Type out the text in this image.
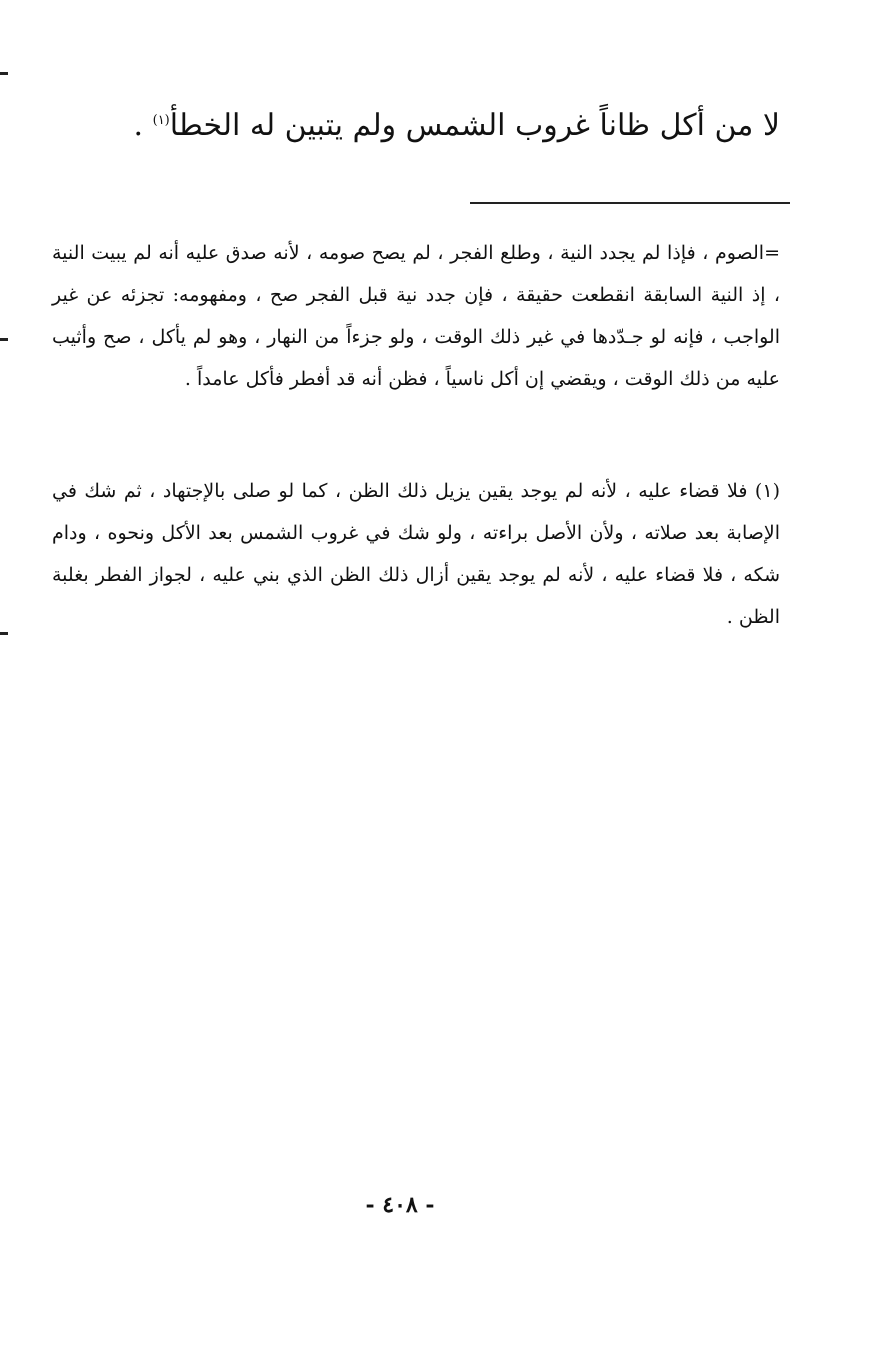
لا من أكل ظاناً غروب الشمس ولم يتبين له الخطأ$^{(١)}$ .
=الصوم ، فإذا لم يجدد النية ، وطلع الفجر ، لم يصح صومه ، لأنه صدق عليه أنه لم يبيت النية ، إذ النية السابقة انقطعت حقيقة ، فإن جدد نية قبل الفجر صح ، ومفهومه: تجزئه عن غير الواجب ، فإنه لو جـدّدها في غير ذلك الوقت ، ولو جزءاً من النهار ، وهو لم يأكل ، صح وأثيب عليه من ذلك الوقت ، ويقضي إن أكل ناسياً ، فظن أنه قد أفطر فأكل عامداً .
(١) فلا قضاء عليه ، لأنه لم يوجد يقين يزيل ذلك الظن ، كما لو صلى بالإجتهاد ، ثم شك في الإصابة بعد صلاته ، ولأن الأصل براءته ، ولو شك في غروب الشمس بعد الأكل ونحوه ، ودام شكه ، فلا قضاء عليه ، لأنه لم يوجد يقين أزال ذلك الظن الذي بني عليه ، لجواز الفطر بغلبة الظن .
- ٤٠٨ -
